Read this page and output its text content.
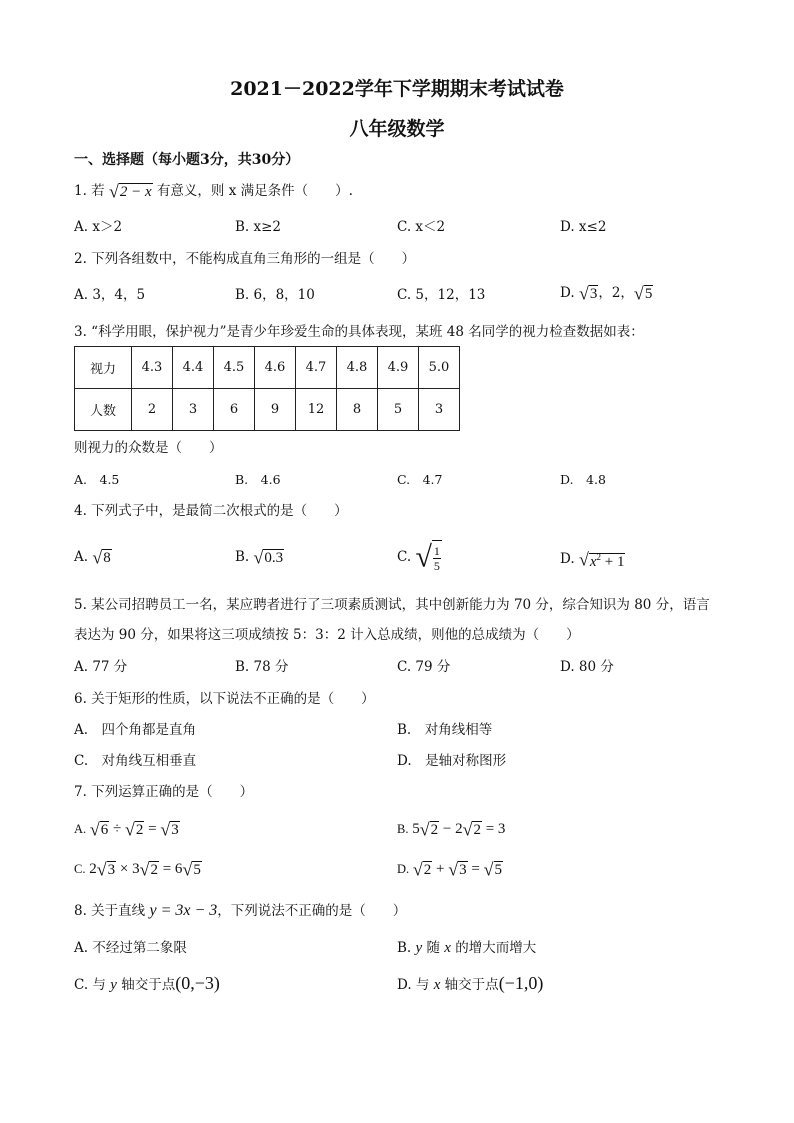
2021－2022学年下学期期末考试试卷
八年级数学
一、选择题（每小题3分，共30分）
1. 若 √2 − x 有意义，则 x 满足条件（　　）.
A. x＞2	B. x≥2	C. x＜2	D. x≤2
2. 下列各组数中，不能构成直角三角形的一组是（　　）
A. 3，4，5	B. 6，8，10	C. 5，12，13	D. √3，2，√5
3. “科学用眼，保护视力”是青少年珍爱生命的具体表现，某班 48 名同学的视力检查数据如表：
视力	4.3	4.4	4.5	4.6	4.7	4.8	4.9	5.0
人数	2	3	6	9	12	8	5	3
则视力的众数是（　　）
A.　4.5	B.　4.6	C.　4.7	D.　4.8
4. 下列式子中，是最简二次根式的是（　　）
A. √8	B. √0.3	C. √ $\frac{1}{5}$	D. $√x^2 + 1$
5. 某公司招聘员工一名，某应聘者进行了三项素质测试，其中创新能力为 70 分，综合知识为 80 分，语言
表达为 90 分，如果将这三项成绩按 5：3：2 计入总成绩，则他的总成绩为（　　）
A. 77 分	B. 78 分	C. 79 分	D. 80 分
6. 关于矩形的性质，以下说法不正确的是（　　）
A.　四个角都是直角	B.　对角线相等
C.　对角线互相垂直	D.　是轴对称图形
7. 下列运算正确的是（　　）
A. √6 ÷ √2 = √3	B. 5√2 − 2√2 = 3
C. 2√3 × 3√2 = 6√5	D. √2 + √3 = √5
8. 关于直线 y = 3x − 3，下列说法不正确的是（　　）
A. 不经过第二象限	B. y 随 x 的增大而增大
C. 与 y 轴交于点(0,−3)	D. 与 x 轴交于点(−1,0)
